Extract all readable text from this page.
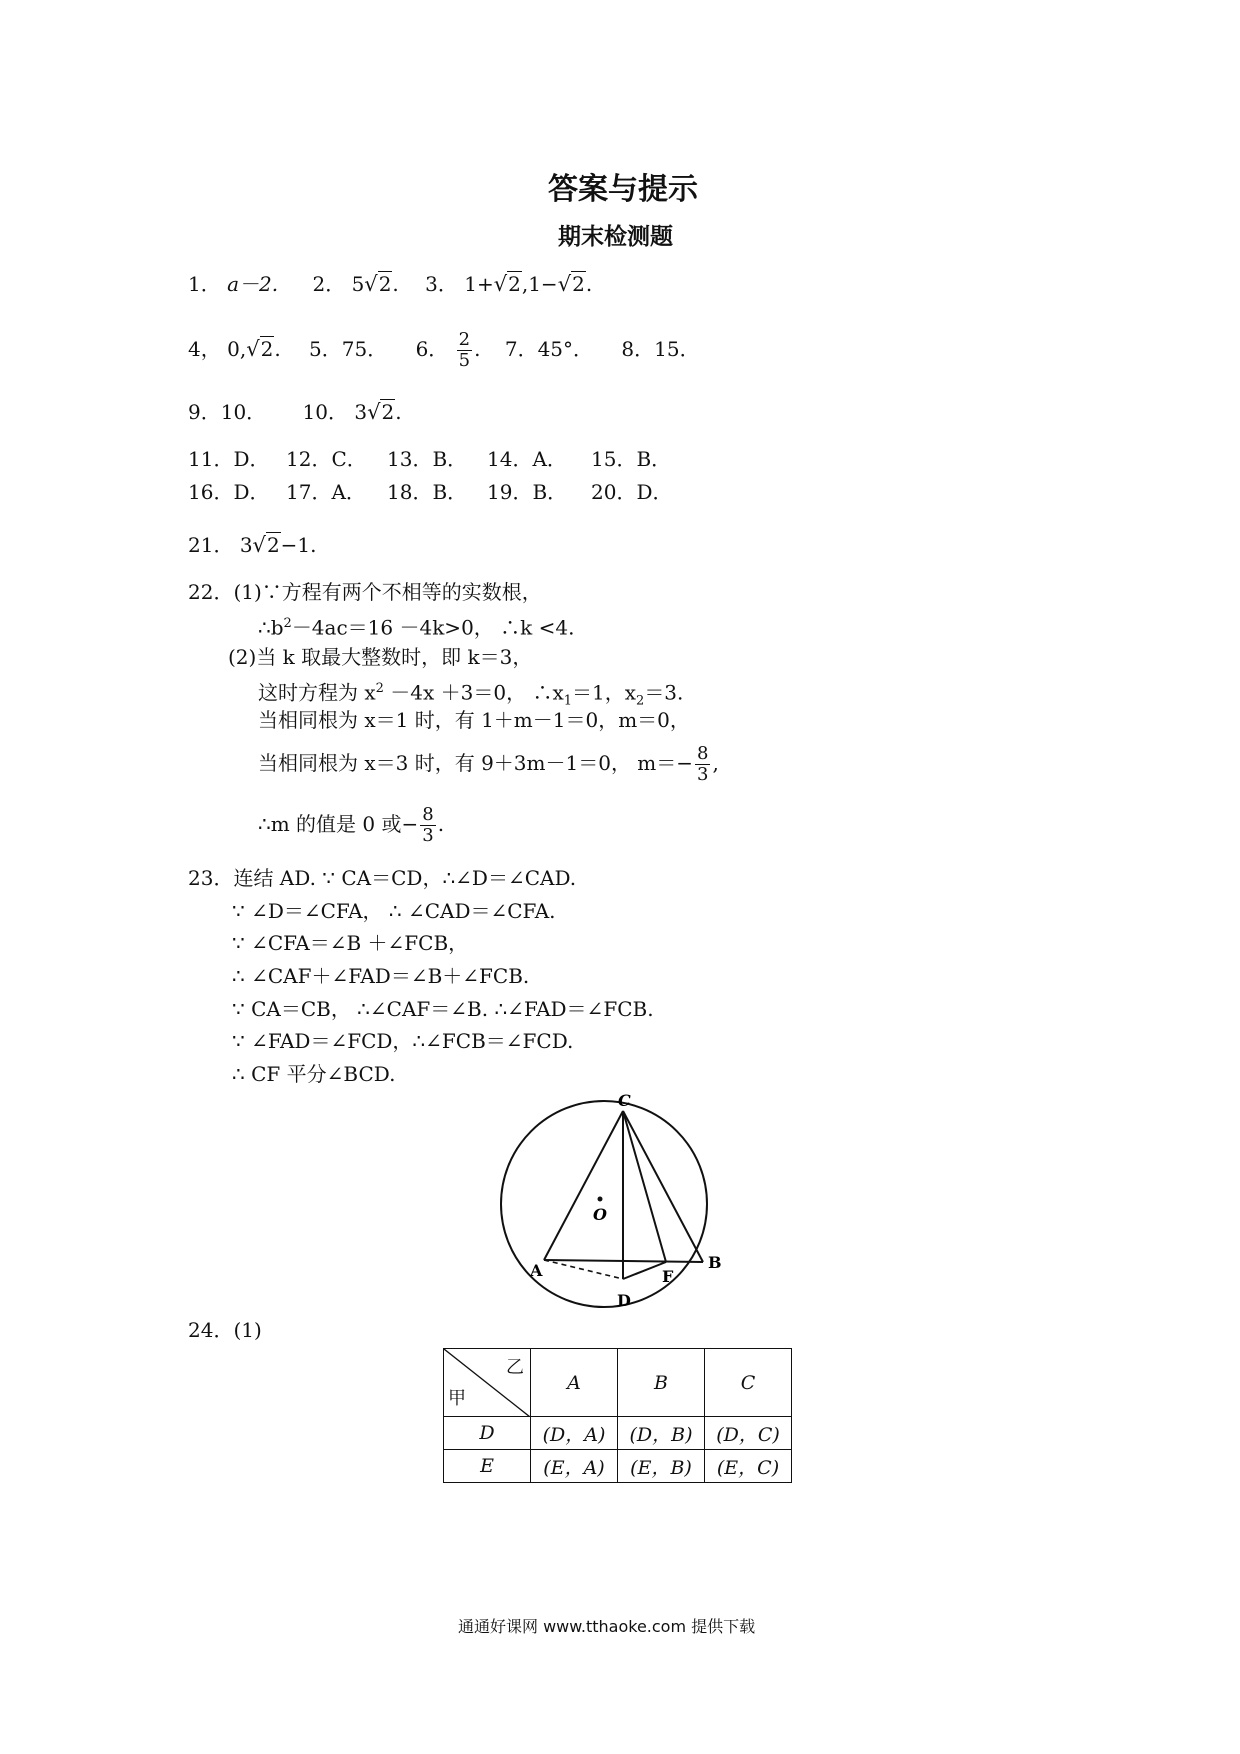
答案与提示
期末检测题
1． a－2. 2． 5√2. 3． 1+√2,1−√2.
4， 0,√2. 5．75． 6． $\frac{2}{5}$ . 7．45°． 8．15．
9．10． 10． 3√2.
11．D． 12．C． 13．B． 14．A． 15．B．
16．D． 17．A． 18．B． 19．B． 20．D．
21． 3√2−1.
22．(1)∵方程有两个不相等的实数根，
$\therefore b^2-4ac=16 -4k>0$， ∴k <4.
(2)当 k 取最大整数时，即 k＝3，
这时方程为 $x^2 -4x +3=0$， $\therefore x_1=1$，$x_2=3$.
当相同根为 x＝1 时，有 1＋m－1＝0，m＝0，
当相同根为 x＝3 时，有 9＋3m－1＝0， $m=- \frac{8}{3}$ ,
∴m 的值是 0 或− $\frac{8}{3}$ .
23．连结 AD. ∵ CA＝CD，∴∠D＝∠CAD.
∵ ∠D＝∠CFA， ∴ ∠CAD＝∠CFA.
∵ ∠CFA＝∠B ＋∠FCB，
∴ ∠CAF＋∠FAD＝∠B＋∠FCB.
∵ CA＝CB， ∴∠CAF＝∠B. ∴∠FAD＝∠FCB.
∵ ∠FAD＝∠FCD，∴∠FCB＝∠FCD.
∴ CF 平分∠BCD.
C
O
A
D
F
B
24．(1)
乙
甲	A	B	C
D	(D，A)	(D，B)	(D，C)
E	(E，A)	(E，B)	(E，C)
通通好课网 www.tthaoke.com 提供下载
